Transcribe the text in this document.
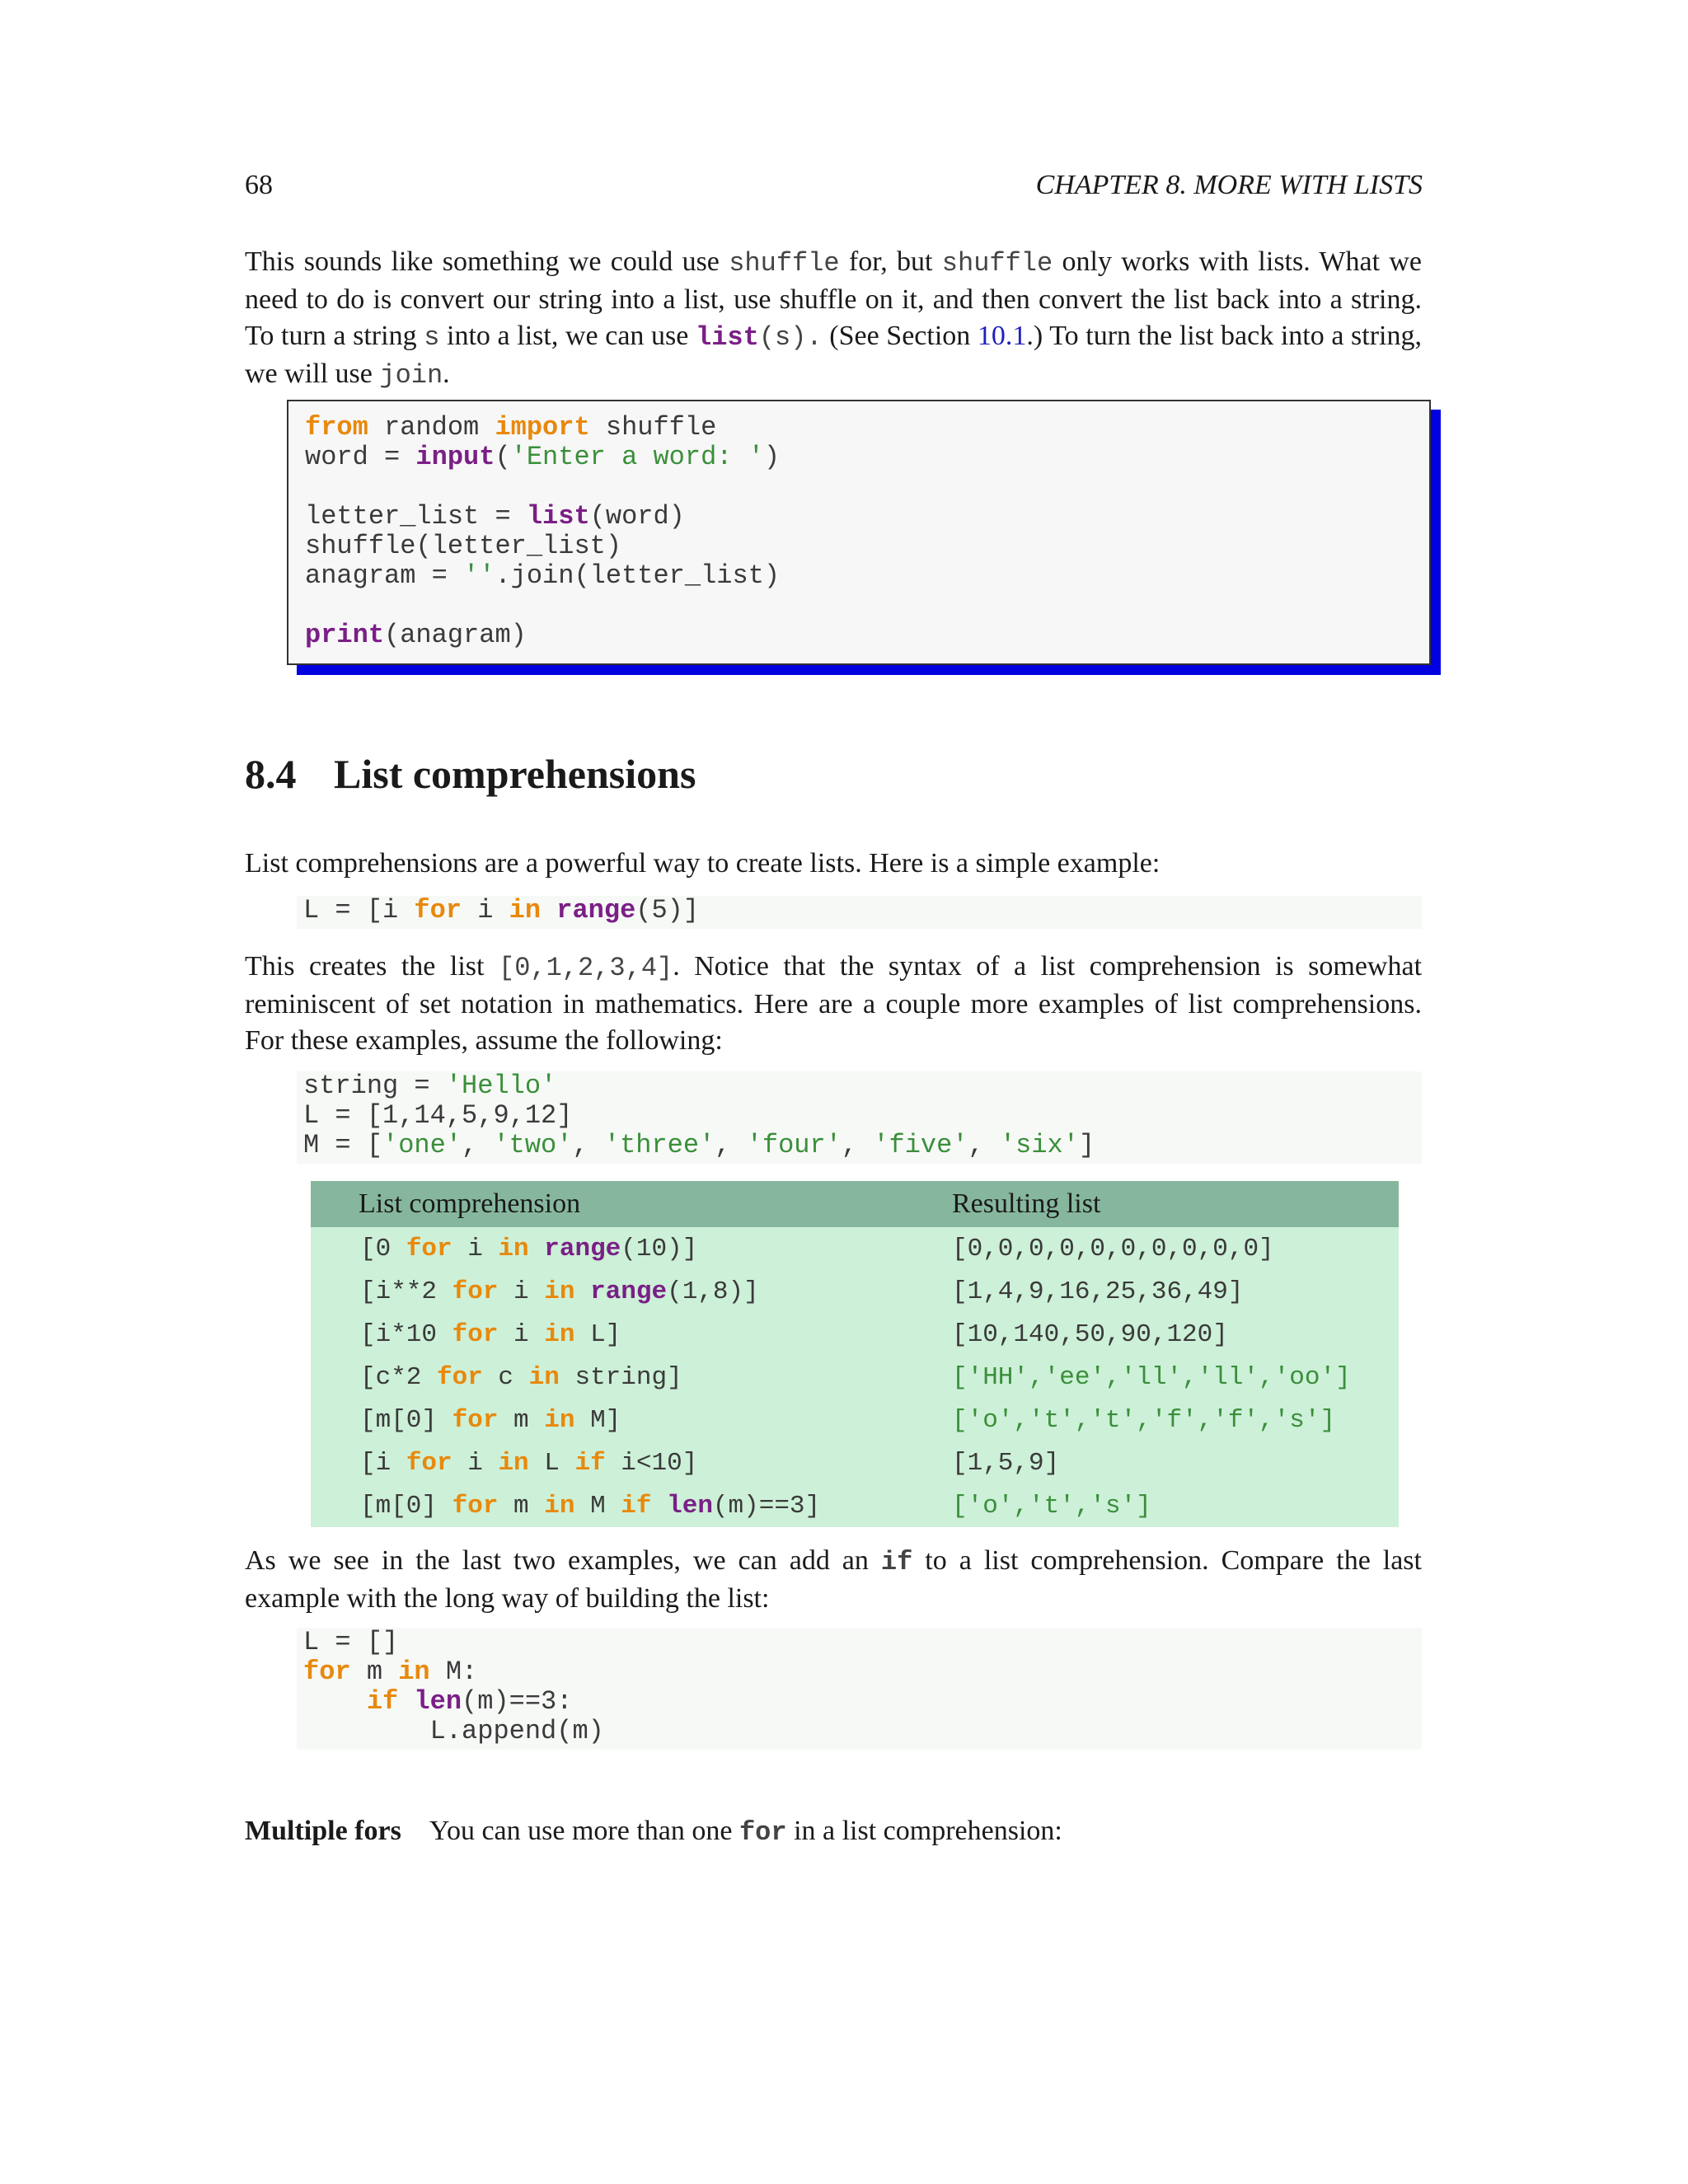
68	CHAPTER 8. MORE WITH LISTS
This sounds like something we could use shuffle for, but shuffle only works with lists. What we need to do is convert our string into a list, use shuffle on it, and then convert the list back into a string. To turn a string s into a list, we can use list(s). (See Section 10.1.) To turn the list back into a string, we will use join.
from random import shuffle
word = input('Enter a word: ')

letter_list = list(word)
shuffle(letter_list)
anagram = ''.join(letter_list)

print(anagram)
8.4 List comprehensions
List comprehensions are a powerful way to create lists. Here is a simple example:
L = [i for i in range(5)]
This creates the list [0,1,2,3,4]. Notice that the syntax of a list comprehension is somewhat reminiscent of set notation in mathematics. Here are a couple more examples of list comprehensions. For these examples, assume the following:
string = 'Hello'
L = [1,14,5,9,12]
M = ['one', 'two', 'three', 'four', 'five', 'six']
List comprehension	Resulting list
[0 for i in range(10)]	[0,0,0,0,0,0,0,0,0,0]
[i**2 for i in range(1,8)]	[1,4,9,16,25,36,49]
[i*10 for i in L]	[10,140,50,90,120]
[c*2 for c in string]	['HH','ee','ll','ll','oo']
[m[0] for m in M]	['o','t','t','f','f','s']
[i for i in L if i<10]	[1,5,9]
[m[0] for m in M if len(m)==3]	['o','t','s']
As we see in the last two examples, we can add an if to a list comprehension. Compare the last example with the long way of building the list:
L = []
for m in M:
if len(m)==3:
L.append(m)
Multiple fors You can use more than one for in a list comprehension:
